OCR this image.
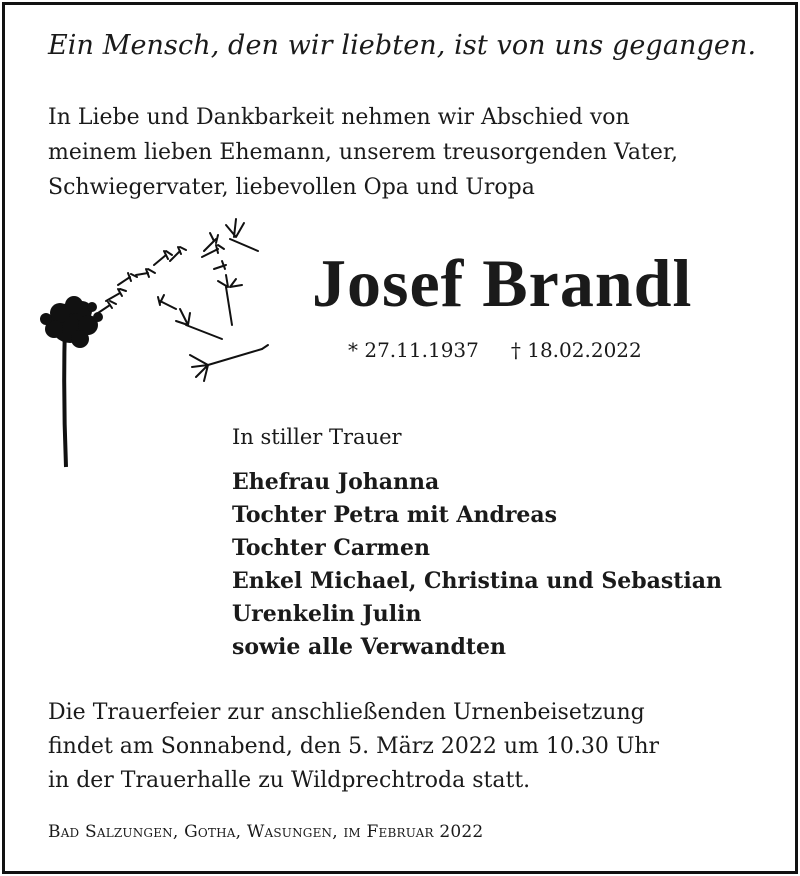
Ein Mensch, den wir liebten, ist von uns gegangen.
In Liebe und Dankbarkeit nehmen wir Abschied von
meinem lieben Ehemann, unserem treusorgenden Vater,
Schwiegervater, liebevollen Opa und Uropa
Josef Brandl
* 27.11.1937 † 18.02.2022
In stiller Trauer
Ehefrau Johanna
Tochter Petra mit Andreas
Tochter Carmen
Enkel Michael, Christina und Sebastian
Urenkelin Julin
sowie alle Verwandten
Die Trauerfeier zur anschließenden Urnenbeisetzung
findet am Sonnabend, den 5. März 2022 um 10.30 Uhr
in der Trauerhalle zu Wildprechtroda statt.
Bad Salzungen, Gotha, Wasungen, im Februar 2022
